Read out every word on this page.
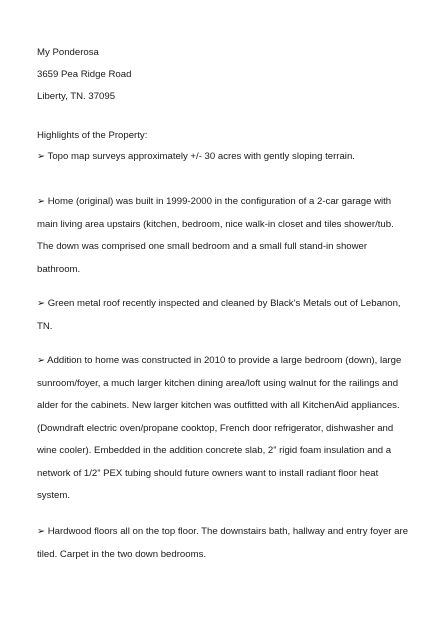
My Ponderosa
3659 Pea Ridge Road
Liberty, TN. 37095
Highlights of the Property:

➢ Topo map surveys approximately +/- 30 acres with gently sloping terrain.

➢ Home (original) was built in 1999-2000 in the configuration of a 2-car garage with main living area upstairs (kitchen, bedroom, nice walk-in closet and tiles shower/tub. The down was comprised one small bedroom and a small full stand-in shower bathroom.

➢ Green metal roof recently inspected and cleaned by Black’s Metals out of Lebanon, TN.

➢ Addition to home was constructed in 2010 to provide a large bedroom (down), large sunroom/foyer, a much larger kitchen dining area/loft using walnut for the railings and alder for the cabinets. New larger kitchen was outfitted with all KitchenAid appliances. (Downdraft electric oven/propane cooktop, French door refrigerator, dishwasher and wine cooler). Embedded in the addition concrete slab, 2” rigid foam insulation and a network of 1/2” PEX tubing should future owners want to install radiant floor heat system.

➢ Hardwood floors all on the top floor. The downstairs bath, hallway and entry foyer are tiled. Carpet in the two down bedrooms.
